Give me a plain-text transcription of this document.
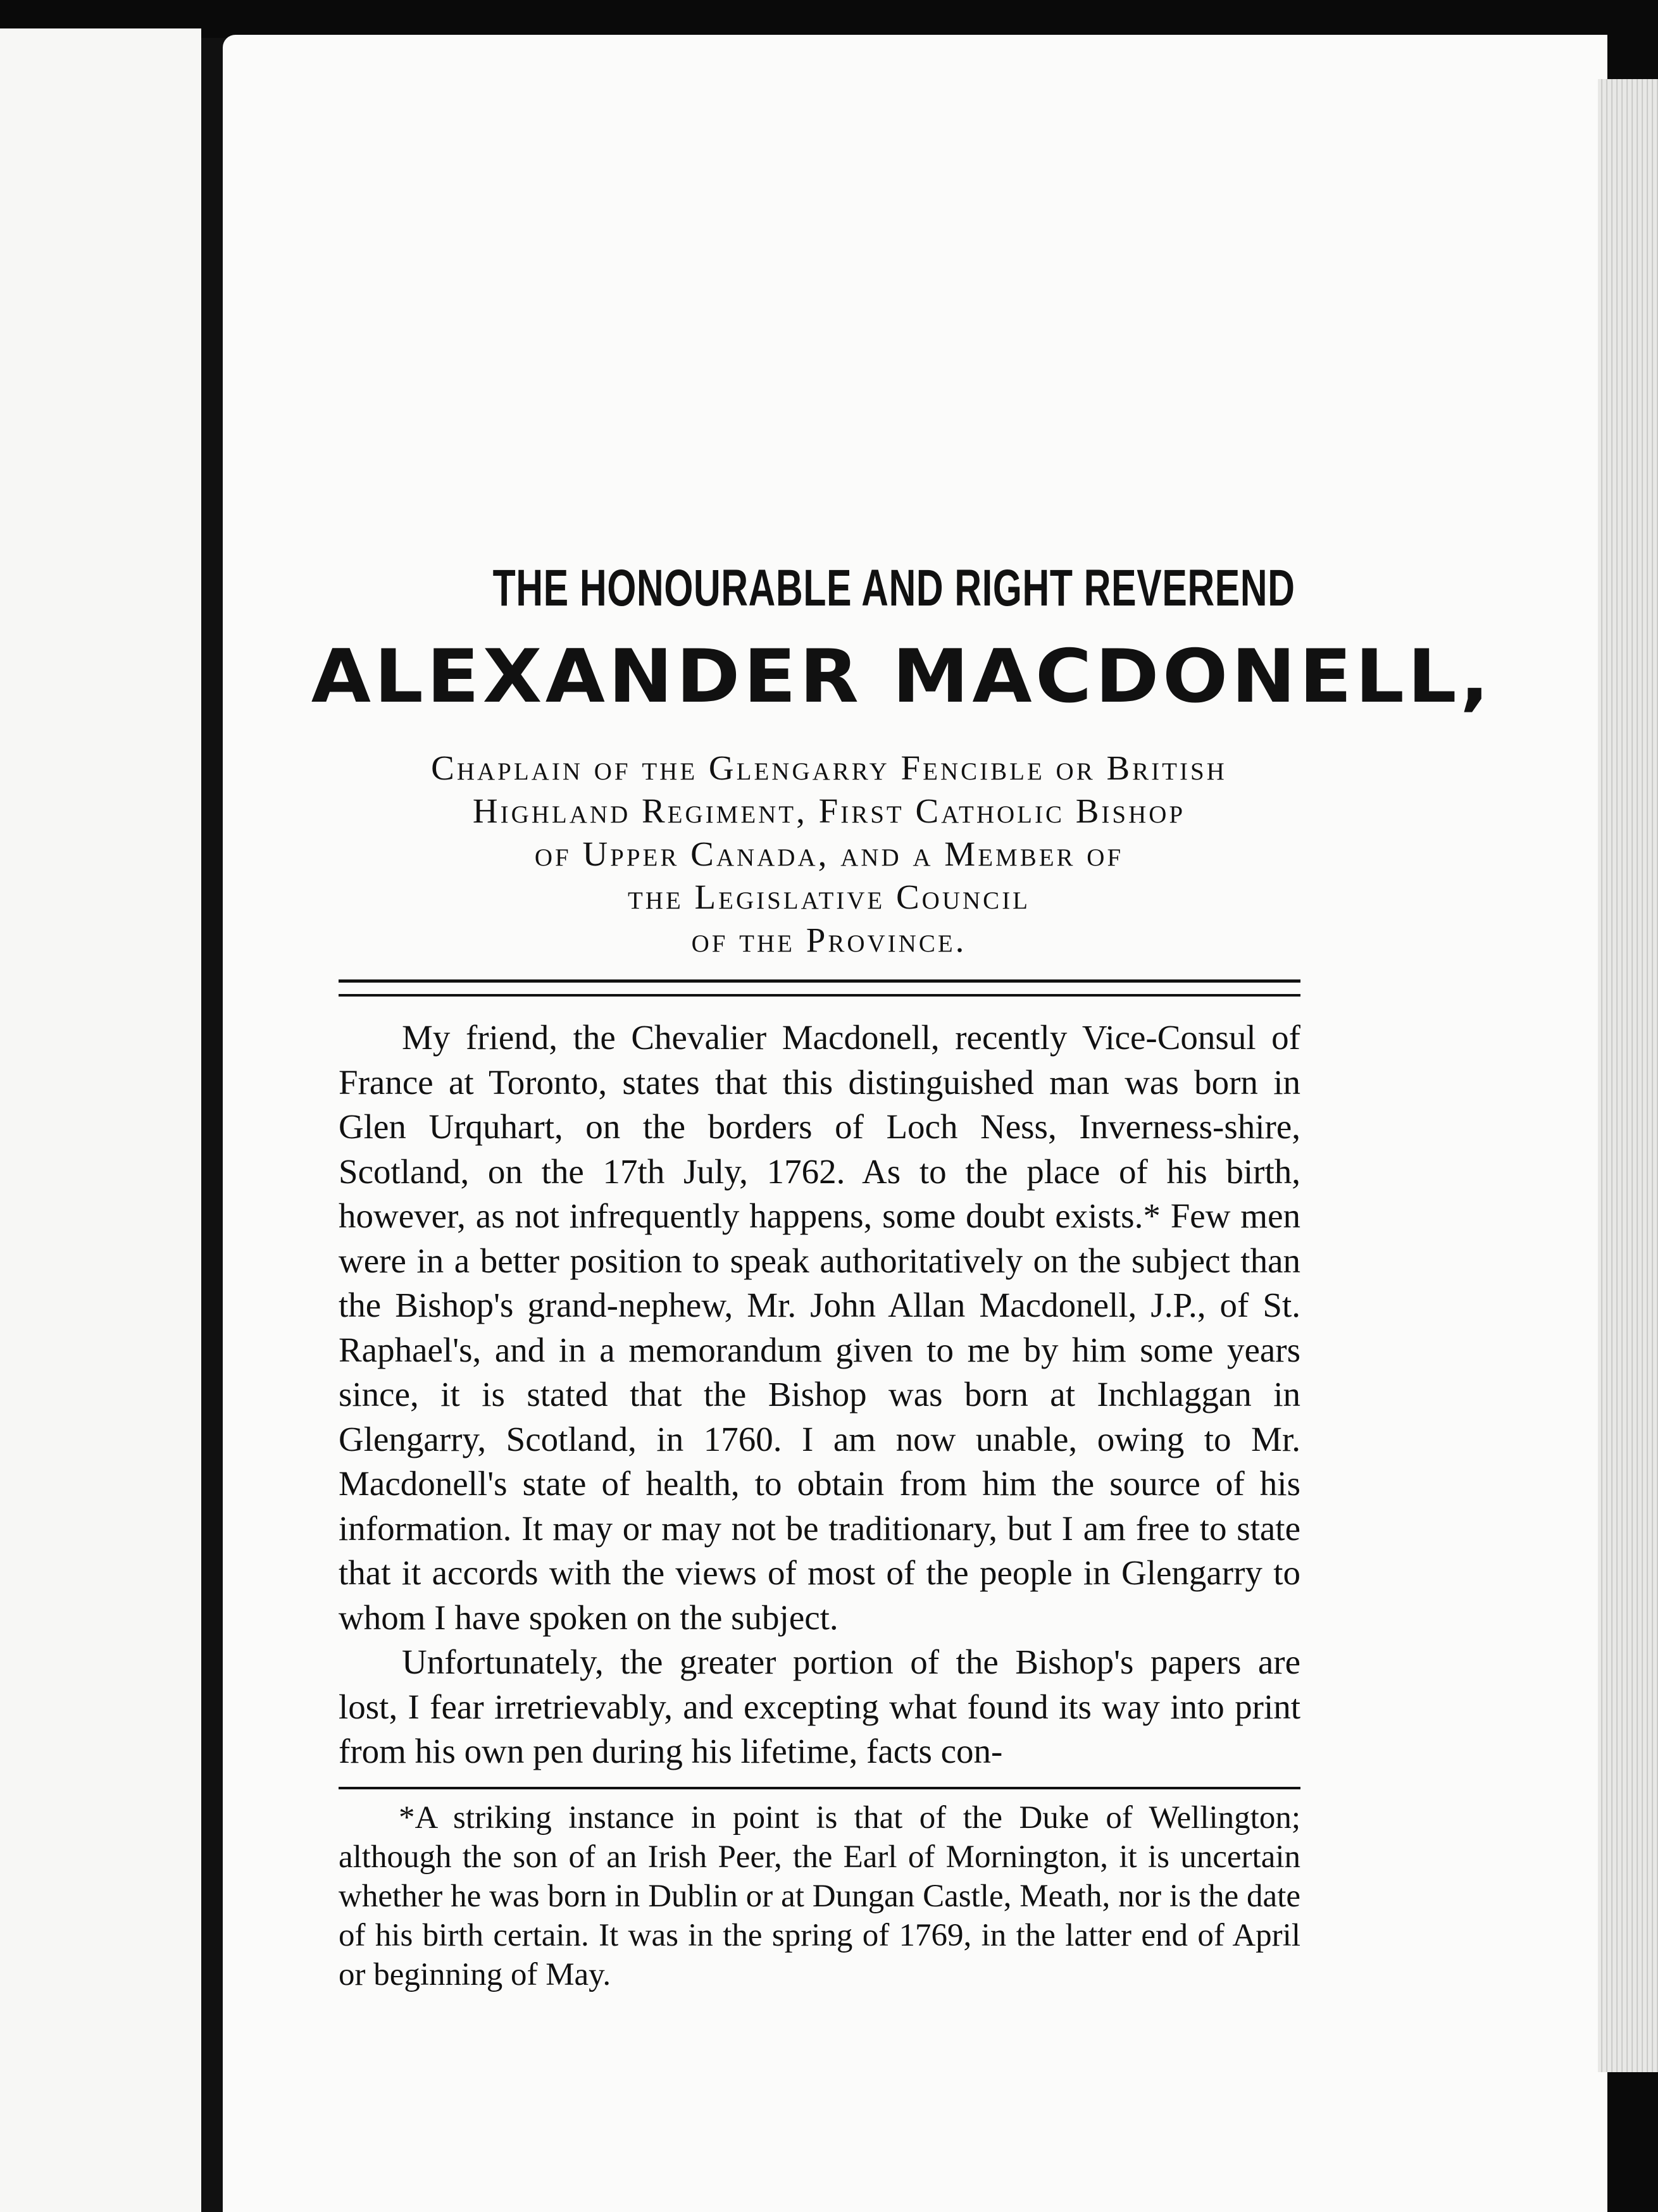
THE HONOURABLE AND RIGHT REVEREND
ALEXANDER MACDONELL,
Chaplain of the Glengarry Fencible or British
Highland Regiment, First Catholic Bishop
of Upper Canada, and a Member of
the Legislative Council
of the Province.

My friend, the Chevalier Macdonell, recently Vice-Consul of France at Toronto, states that this distinguished man was born in Glen Urquhart, on the borders of Loch Ness, Inverness-shire, Scotland, on the 17th July, 1762. As to the place of his birth, however, as not infrequently happens, some doubt exists.* Few men were in a better position to speak authoritatively on the subject than the Bishop's grand-nephew, Mr. John Allan Macdonell, J.P., of St. Raphael's, and in a memorandum given to me by him some years since, it is stated that the Bishop was born at Inchlaggan in Glengarry, Scotland, in 1760. I am now unable, owing to Mr. Macdonell's state of health, to obtain from him the source of his information. It may or may not be traditionary, but I am free to state that it accords with the views of most of the people in Glengarry to whom I have spoken on the subject.

Unfortunately, the greater portion of the Bishop's papers are lost, I fear irretrievably, and excepting what found its way into print from his own pen during his lifetime, facts con-

*A striking instance in point is that of the Duke of Wellington; although the son of an Irish Peer, the Earl of Mornington, it is uncertain whether he was born in Dublin or at Dungan Castle, Meath, nor is the date of his birth certain. It was in the spring of 1769, in the latter end of April or beginning of May.
